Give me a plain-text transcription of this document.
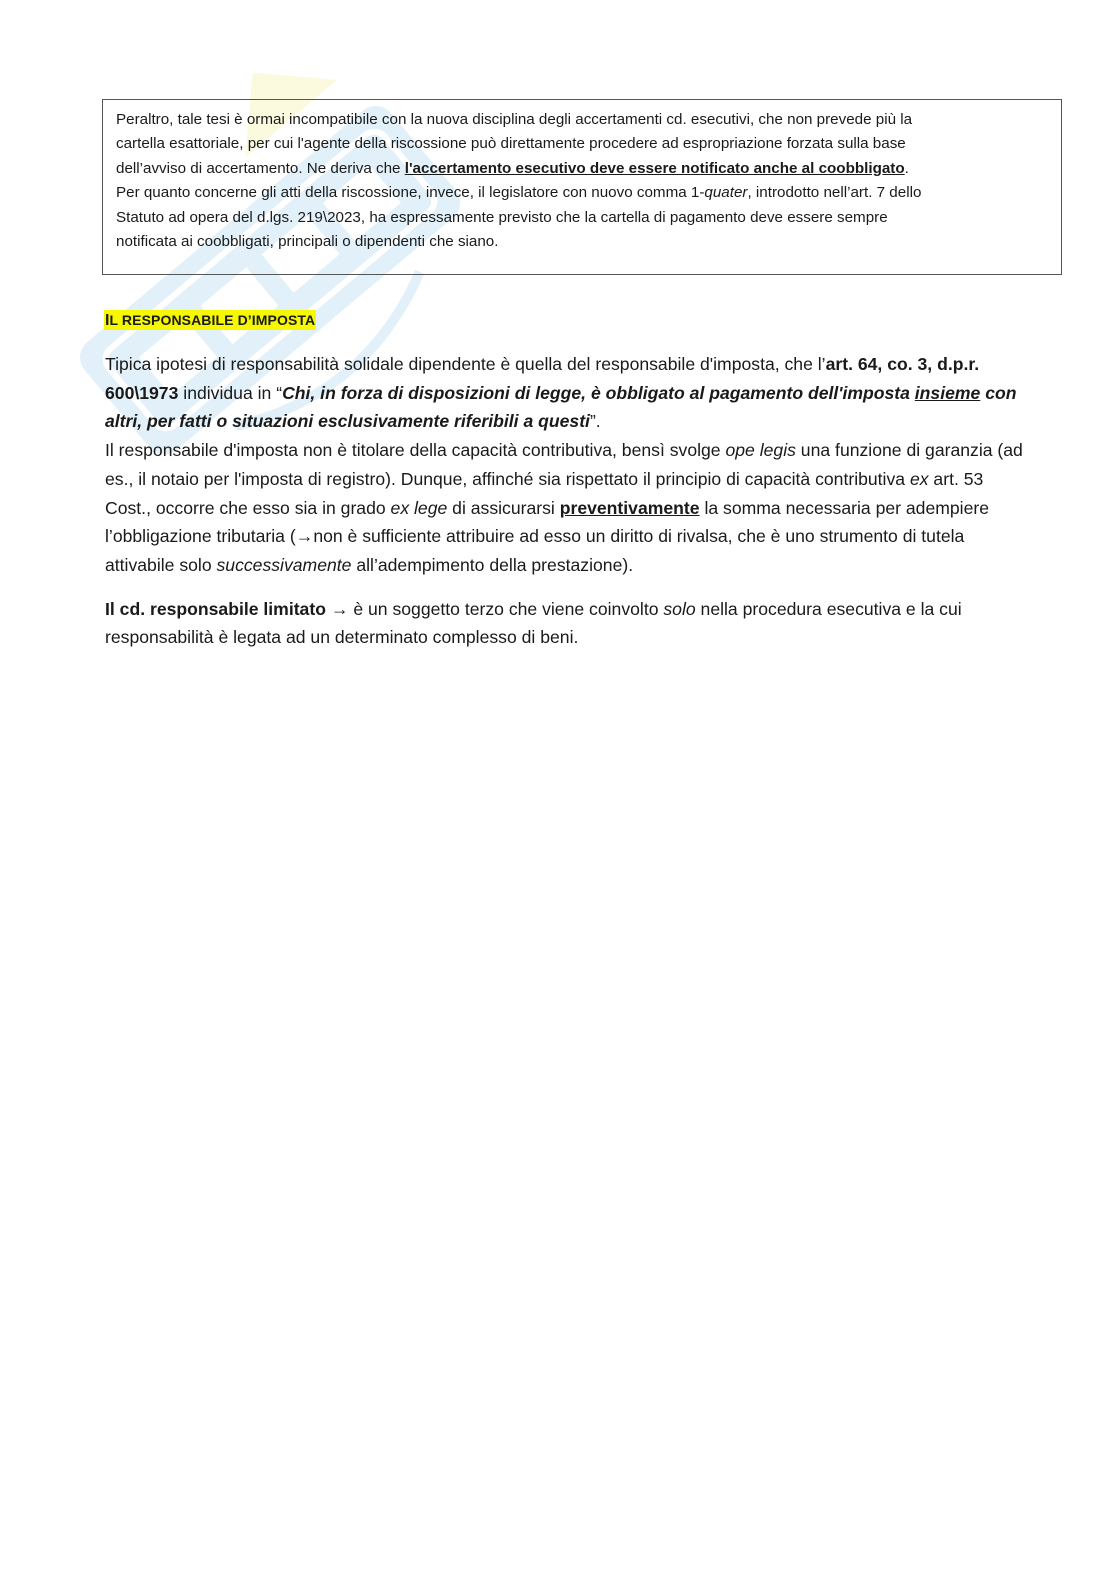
Peraltro, tale tesi è ormai incompatibile con la nuova disciplina degli accertamenti cd. esecutivi, che non prevede più la

cartella esattoriale, per cui l'agente della riscossione può direttamente procedere ad espropriazione forzata sulla base

dell’avviso di accertamento. Ne deriva che l'accertamento esecutivo deve essere notificato anche al coobbligato.

Per quanto concerne gli atti della riscossione, invece, il legislatore con nuovo comma 1-quater, introdotto nell’art. 7 dello

Statuto ad opera del d.lgs. 219\2023, ha espressamente previsto che la cartella di pagamento deve essere sempre

notificata ai coobbligati, principali o dipendenti che siano.

IL RESPONSABILE D’IMPOSTA

Tipica ipotesi di responsabilità solidale dipendente è quella del responsabile d'imposta, che l’art. 64, co. 3, d.p.r. 600\1973 individua in “Chi, in forza di disposizioni di legge, è obbligato al pagamento dell'imposta insieme con altri, per fatti o situazioni esclusivamente riferibili a questi”.

Il responsabile d'imposta non è titolare della capacità contributiva, bensì svolge ope legis una funzione di garanzia (ad es., il notaio per l'imposta di registro). Dunque, affinché sia rispettato il principio di capacità contributiva ex art. 53 Cost., occorre che esso sia in grado ex lege di assicurarsi preventivamente la somma necessaria per adempiere l’obbligazione tributaria (→non è sufficiente attribuire ad esso un diritto di rivalsa, che è uno strumento di tutela attivabile solo successivamente all’adempimento della prestazione).

Il cd. responsabile limitato → è un soggetto terzo che viene coinvolto solo nella procedura esecutiva e la cui responsabilità è legata ad un determinato complesso di beni.
